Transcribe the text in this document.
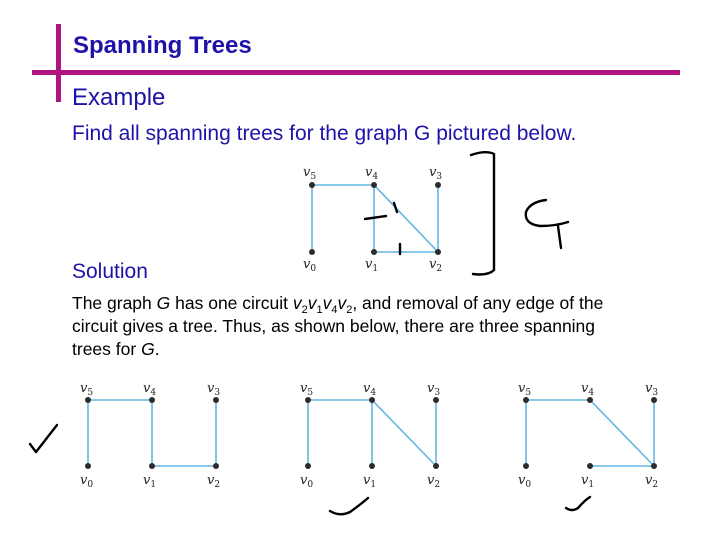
Spanning Trees
Example
Find all spanning trees for the graph G pictured below.
$v_5$	$v_4$	$v_3$
$v_0$	$v_1$	$v_2$
Solution
The graph G has one circuit $v_2v_1v_4v_2$, and removal of any edge of the
circuit gives a tree. Thus, as shown below, there are three spanning
trees for G.
$v_5$	$v_4$	$v_3$
$v_0$	$v_1$	$v_2$
$v_5$	$v_4$	$v_3$
$v_0$	$v_1$	$v_2$
$v_5$	$v_4$	$v_3$
$v_0$	$v_1$	$v_2$
